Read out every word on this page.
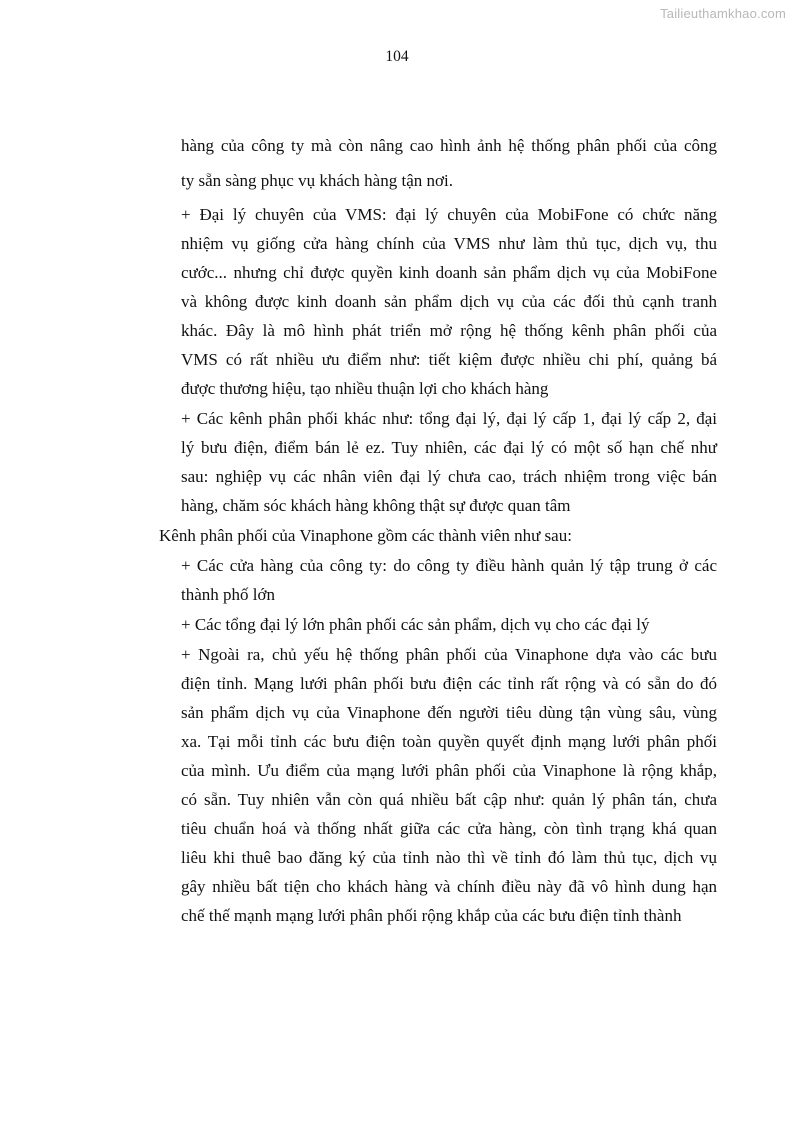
Tailieuthamkhao.com
104
hàng của công ty mà còn nâng cao hình ảnh hệ thống phân phối của công
ty sẵn sàng phục vụ khách hàng tận nơi.
+ Đại lý chuyên của VMS: đại lý chuyên của MobiFone có chức năng
nhiệm vụ giống cửa hàng chính của VMS như làm thủ tục, dịch vụ, thu
cước... nhưng chỉ được quyền kinh doanh sản phẩm dịch vụ của MobiFone
và không được kinh doanh sản phẩm dịch vụ của các đối thủ cạnh tranh
khác. Đây là mô hình phát triển mở rộng hệ thống kênh phân phối của
VMS có rất nhiều ưu điểm như: tiết kiệm được nhiều chi phí, quảng bá
được thương hiệu, tạo nhiều thuận lợi cho khách hàng
+ Các kênh phân phối khác như: tổng đại lý, đại lý cấp 1, đại lý cấp 2, đại
lý bưu điện, điểm bán lẻ ez. Tuy nhiên, các đại lý có một số hạn chế như
sau: nghiệp vụ các nhân viên đại lý chưa cao, trách nhiệm trong việc bán
hàng, chăm sóc khách hàng không thật sự được quan tâm
Kênh phân phối của Vinaphone gồm các thành viên như sau:
+ Các cửa hàng của công ty: do công ty điều hành quản lý tập trung ở các
thành phố lớn
+ Các tổng đại lý lớn phân phối các sản phẩm, dịch vụ cho các đại lý
+ Ngoài ra, chủ yếu hệ thống phân phối của Vinaphone dựa vào các bưu
điện tỉnh. Mạng lưới phân phối bưu điện các tỉnh rất rộng và có sẵn do đó
sản phẩm dịch vụ của Vinaphone đến người tiêu dùng tận vùng sâu, vùng
xa. Tại mỗi tỉnh các bưu điện toàn quyền quyết định mạng lưới phân phối
của mình. Ưu điểm của mạng lưới phân phối của Vinaphone là rộng khắp,
có sẵn. Tuy nhiên vẫn còn quá nhiều bất cập như: quản lý phân tán, chưa
tiêu chuẩn hoá và thống nhất giữa các cửa hàng, còn tình trạng khá quan
liêu khi thuê bao đăng ký của tỉnh nào thì về tỉnh đó làm thủ tục, dịch vụ
gây nhiều bất tiện cho khách hàng và chính điều này đã vô hình dung hạn
chế thế mạnh mạng lưới phân phối rộng khắp của các bưu điện tỉnh thành
